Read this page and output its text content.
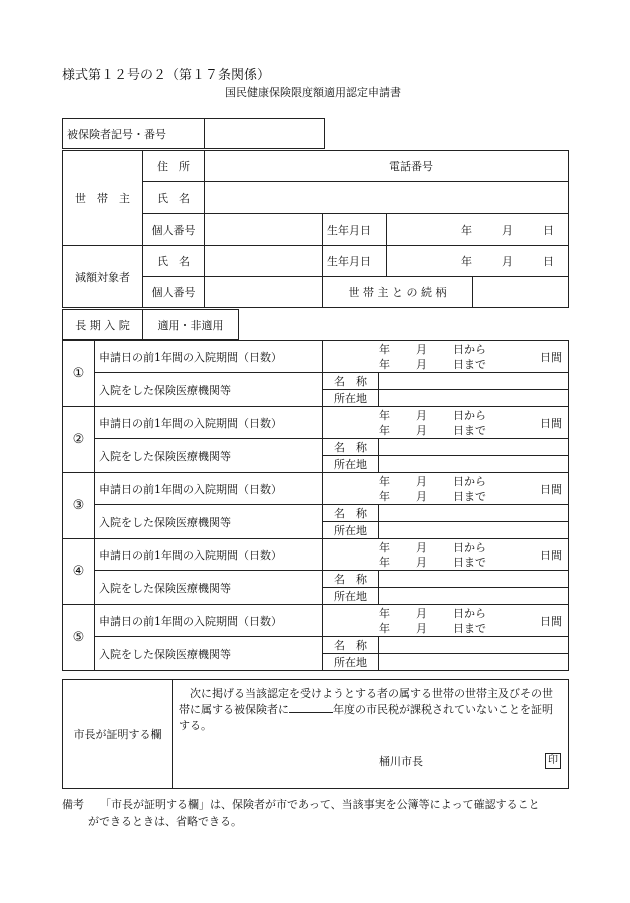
様式第１２号の２（第１７条関係）
国民健康保険限度額適用認定申請書
被保険者記号・番号	
世　帯　主	住　所	電話番号			
	氏　名				
	個人番号		生年月日	年 月 日	
減額対象者	氏　名		生年月日	年 月 日	
	個人番号		世 帯 主 と の 続 柄		
長 期 入 院	適用・非適用	
①	申請日の前1年間の入院期間（日数）	年 月 日から
年 月 日まで 日間	

	入院をした保険医療機関等	名　称	
		所在地	
②	申請日の前1年間の入院期間（日数）	年 月 日から
年 月 日まで 日間	

	入院をした保険医療機関等	名　称	
		所在地	
③	申請日の前1年間の入院期間（日数）	年 月 日から
年 月 日まで 日間	

	入院をした保険医療機関等	名　称	
		所在地	
④	申請日の前1年間の入院期間（日数）	年 月 日から
年 月 日まで 日間	

	入院をした保険医療機関等	名　称	
		所在地	
⑤	申請日の前1年間の入院期間（日数）	年 月 日から
年 月 日まで 日間	

	入院をした保険医療機関等	名　称	
		所在地	
市長が証明する欄	
次に掲げる当該認定を受けようとする者の属する世帯の世帯主及びその世帯に属する被保険者に	年度の市民税が課税されていないことを証明する。
桶川市長	印
備考 「市長が証明する欄」は、保険者が市であって、当該事実を公簿等によって確認すること
ができるときは、省略できる。
